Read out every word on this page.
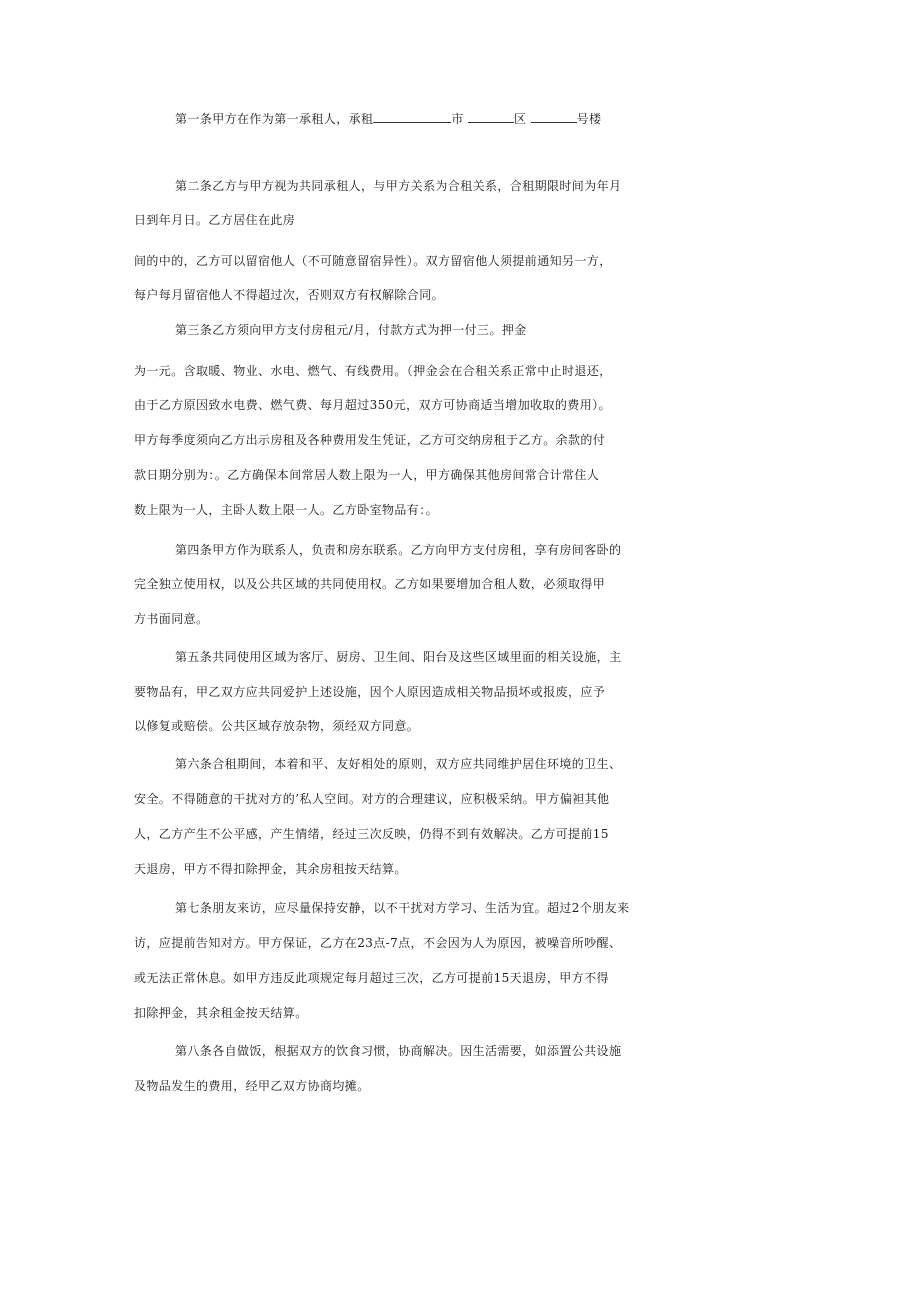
第一条甲方在作为第一承租人，承租	市	区	号楼
第二条乙方与甲方视为共同承租人，与甲方关系为合租关系，合租期限时间为年月
日到年月日。乙方居住在此房
间的中的，乙方可以留宿他人（不可随意留宿异性）。双方留宿他人须提前通知另一方，
每户每月留宿他人不得超过次，否则双方有权解除合同。
第三条乙方须向甲方支付房租元/月，付款方式为押一付三。押金
为一元。含取暖、物业、水电、燃气、有线费用。（押金会在合租关系正常中止时退还，
由于乙方原因致水电费、燃气费、每月超过350元，双方可协商适当增加收取的费用）。
甲方每季度须向乙方出示房租及各种费用发生凭证，乙方可交纳房租于乙方。余款的付
款日期分别为：。乙方确保本间常居人数上限为一人，甲方确保其他房间常合计常住人
数上限为一人，主卧人数上限一人。乙方卧室物品有：。
第四条甲方作为联系人，负责和房东联系。乙方向甲方支付房租，享有房间客卧的
完全独立使用权，以及公共区域的共同使用权。乙方如果要增加合租人数，必须取得甲
方书面同意。
第五条共同使用区域为客厅、厨房、卫生间、阳台及这些区域里面的相关设施，主
要物品有，甲乙双方应共同爱护上述设施，因个人原因造成相关物品损坏或报废，应予
以修复或赔偿。公共区域存放杂物，须经双方同意。
第六条合租期间，本着和平、友好相处的原则，双方应共同维护居住环境的卫生、
安全。不得随意的干扰对方的’私人空间。对方的合理建议，应积极采纳。甲方偏袒其他
人，乙方产生不公平感，产生情绪，经过三次反映，仍得不到有效解决。乙方可提前15
天退房，甲方不得扣除押金，其余房租按天结算。
第七条朋友来访，应尽量保持安静，以不干扰对方学习、生活为宜。超过2个朋友来
访，应提前告知对方。甲方保证，乙方在23点-7点，不会因为人为原因，被噪音所吵醒、
或无法正常休息。如甲方违反此项规定每月超过三次，乙方可提前15天退房，甲方不得
扣除押金，其余租金按天结算。
第八条各自做饭，根据双方的饮食习惯，协商解决。因生活需要，如添置公共设施
及物品发生的费用，经甲乙双方协商均摊。
